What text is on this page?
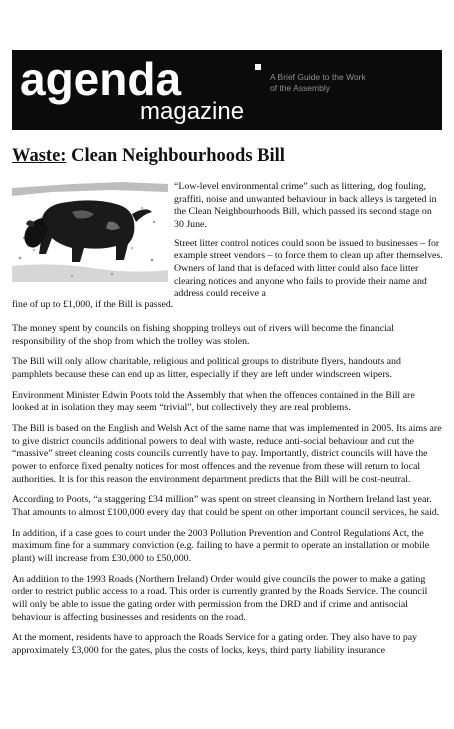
agenda
magazine
A Brief Guide to the Work
of the Assembly
Waste: Clean Neighbourhoods Bill

“Low-level environmental crime” such as littering, dog fouling, graffiti, noise and unwanted behaviour in back alleys is targeted in the Clean Neighbourhoods Bill, which passed its second stage on 30 June.

Street litter control notices could soon be issued to businesses – for example street vendors – to force them to clean up after themselves. Owners of land that is defaced with litter could also face litter clearing notices and anyone who fails to provide their name and address could receive a

fine of up to £1,000, if the Bill is passed.

The money spent by councils on fishing shopping trolleys out of rivers will become the financial responsibility of the shop from which the trolley was stolen.

The Bill will only allow charitable, religious and political groups to distribute flyers, handouts and pamphlets because these can end up as litter, especially if they are left under windscreen wipers.

Environment Minister Edwin Poots told the Assembly that when the offences contained in the Bill are looked at in isolation they may seem “trivial”, but collectively they are real problems.

The Bill is based on the English and Welsh Act of the same name that was implemented in 2005. Its aims are to give district councils additional powers to deal with waste, reduce anti-social behaviour and cut the “massive” street cleaning costs councils currently have to pay. Importantly, district councils will have the power to enforce fixed penalty notices for most offences and the revenue from these will return to local authorities. It is for this reason the environment department predicts that the Bill will be cost-neutral.

According to Poots, “a staggering £34 million” was spent on street cleansing in Northern Ireland last year. That amounts to almost £100,000 every day that could be spent on other important council services, he said.

In addition, if a case goes to court under the 2003 Pollution Prevention and Control Regulations Act, the maximum fine for a summary conviction (e.g. failing to have a permit to operate an installation or mobile plant) will increase from £30,000 to £50,000.

An addition to the 1993 Roads (Northern Ireland) Order would give councils the power to make a gating order to restrict public access to a road. This order is currently granted by the Roads Service. The council will only be able to issue the gating order with permission from the DRD and if crime and antisocial behaviour is affecting businesses and residents on the road.

At the moment, residents have to approach the Roads Service for a gating order. They also have to pay approximately £3,000 for the gates, plus the costs of locks, keys, third party liability insurance
